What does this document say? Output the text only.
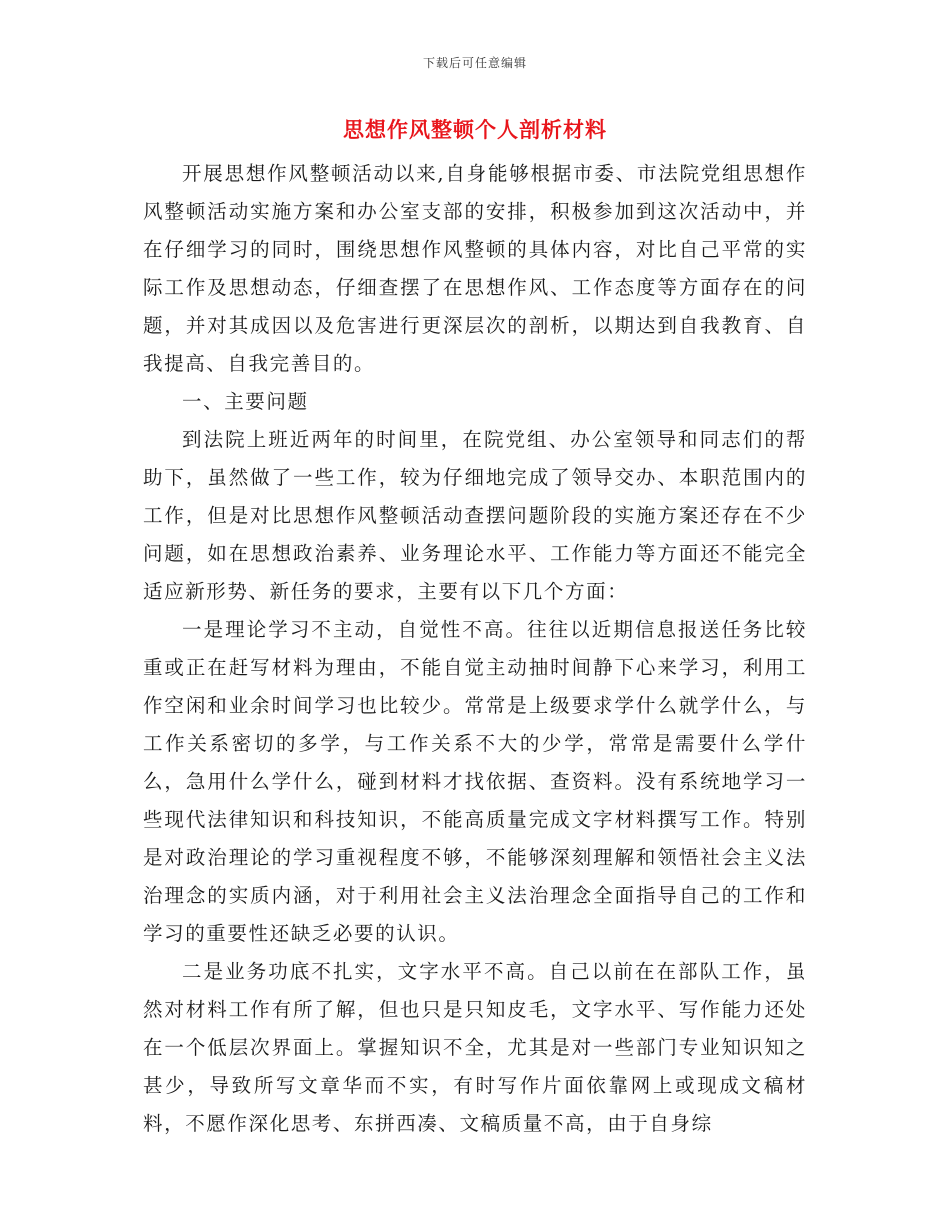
下载后可任意编辑
思想作风整顿个人剖析材料

开展思想作风整顿活动以来,自身能够根据市委、市法院党组思想作风整顿活动实施方案和办公室支部的安排，积极参加到这次活动中，并在仔细学习的同时，围绕思想作风整顿的具体内容，对比自己平常的实际工作及思想动态，仔细查摆了在思想作风、工作态度等方面存在的问题，并对其成因以及危害进行更深层次的剖析，以期达到自我教育、自我提高、自我完善目的。

一、主要问题

到法院上班近两年的时间里，在院党组、办公室领导和同志们的帮助下，虽然做了一些工作，较为仔细地完成了领导交办、本职范围内的工作，但是对比思想作风整顿活动查摆问题阶段的实施方案还存在不少问题，如在思想政治素养、业务理论水平、工作能力等方面还不能完全适应新形势、新任务的要求，主要有以下几个方面：

一是理论学习不主动，自觉性不高。往往以近期信息报送任务比较重或正在赶写材料为理由，不能自觉主动抽时间静下心来学习，利用工作空闲和业余时间学习也比较少。常常是上级要求学什么就学什么，与工作关系密切的多学，与工作关系不大的少学，常常是需要什么学什么，急用什么学什么，碰到材料才找依据、查资料。没有系统地学习一些现代法律知识和科技知识，不能高质量完成文字材料撰写工作。特别是对政治理论的学习重视程度不够，不能够深刻理解和领悟社会主义法治理念的实质内涵，对于利用社会主义法治理念全面指导自己的工作和学习的重要性还缺乏必要的认识。

二是业务功底不扎实，文字水平不高。自己以前在在部队工作，虽然对材料工作有所了解，但也只是只知皮毛，文字水平、写作能力还处在一个低层次界面上。掌握知识不全，尤其是对一些部门专业知识知之甚少，导致所写文章华而不实，有时写作片面依靠网上或现成文稿材料，不愿作深化思考、东拼西凑、文稿质量不高，由于自身综
